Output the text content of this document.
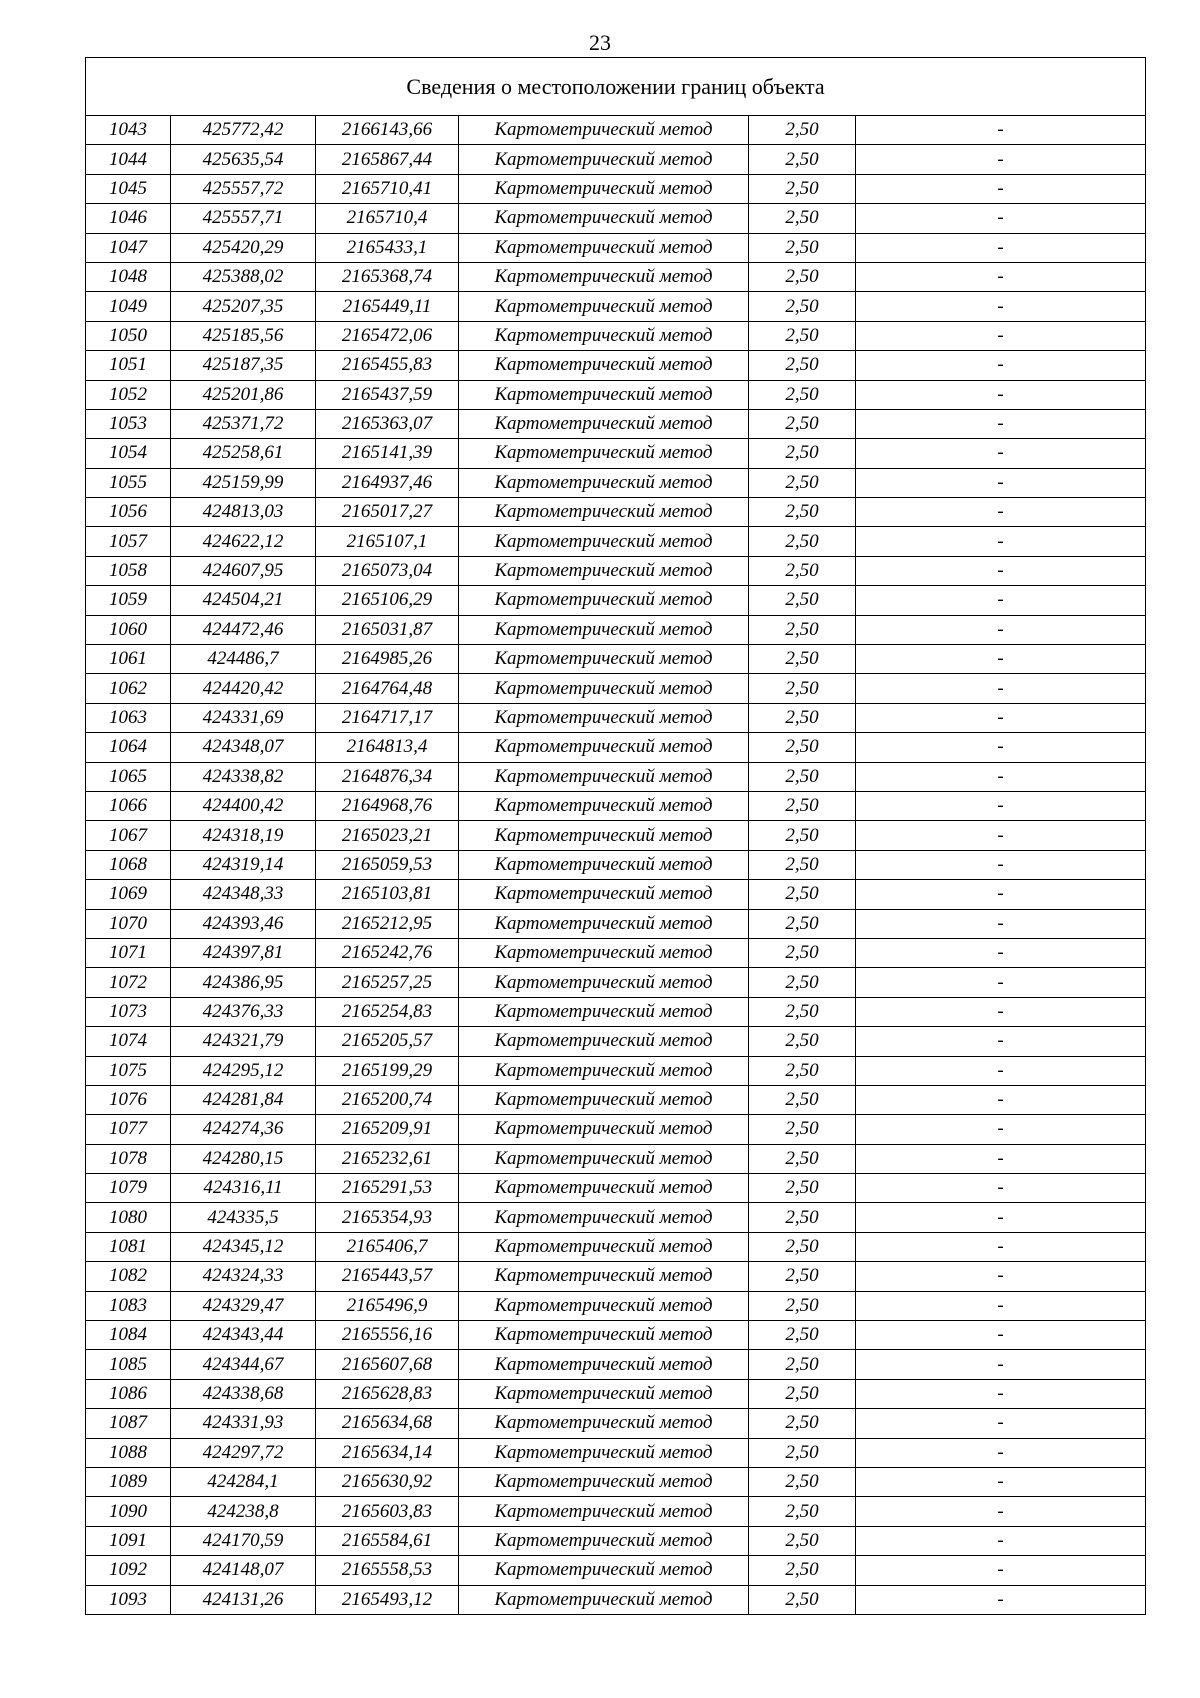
23
Сведения о местоположении границ объекта					
1043	425772,42	2166143,66	Картометрический метод	2,50	-
1044	425635,54	2165867,44	Картометрический метод	2,50	-
1045	425557,72	2165710,41	Картометрический метод	2,50	-
1046	425557,71	2165710,4	Картометрический метод	2,50	-
1047	425420,29	2165433,1	Картометрический метод	2,50	-
1048	425388,02	2165368,74	Картометрический метод	2,50	-
1049	425207,35	2165449,11	Картометрический метод	2,50	-
1050	425185,56	2165472,06	Картометрический метод	2,50	-
1051	425187,35	2165455,83	Картометрический метод	2,50	-
1052	425201,86	2165437,59	Картометрический метод	2,50	-
1053	425371,72	2165363,07	Картометрический метод	2,50	-
1054	425258,61	2165141,39	Картометрический метод	2,50	-
1055	425159,99	2164937,46	Картометрический метод	2,50	-
1056	424813,03	2165017,27	Картометрический метод	2,50	-
1057	424622,12	2165107,1	Картометрический метод	2,50	-
1058	424607,95	2165073,04	Картометрический метод	2,50	-
1059	424504,21	2165106,29	Картометрический метод	2,50	-
1060	424472,46	2165031,87	Картометрический метод	2,50	-
1061	424486,7	2164985,26	Картометрический метод	2,50	-
1062	424420,42	2164764,48	Картометрический метод	2,50	-
1063	424331,69	2164717,17	Картометрический метод	2,50	-
1064	424348,07	2164813,4	Картометрический метод	2,50	-
1065	424338,82	2164876,34	Картометрический метод	2,50	-
1066	424400,42	2164968,76	Картометрический метод	2,50	-
1067	424318,19	2165023,21	Картометрический метод	2,50	-
1068	424319,14	2165059,53	Картометрический метод	2,50	-
1069	424348,33	2165103,81	Картометрический метод	2,50	-
1070	424393,46	2165212,95	Картометрический метод	2,50	-
1071	424397,81	2165242,76	Картометрический метод	2,50	-
1072	424386,95	2165257,25	Картометрический метод	2,50	-
1073	424376,33	2165254,83	Картометрический метод	2,50	-
1074	424321,79	2165205,57	Картометрический метод	2,50	-
1075	424295,12	2165199,29	Картометрический метод	2,50	-
1076	424281,84	2165200,74	Картометрический метод	2,50	-
1077	424274,36	2165209,91	Картометрический метод	2,50	-
1078	424280,15	2165232,61	Картометрический метод	2,50	-
1079	424316,11	2165291,53	Картометрический метод	2,50	-
1080	424335,5	2165354,93	Картометрический метод	2,50	-
1081	424345,12	2165406,7	Картометрический метод	2,50	-
1082	424324,33	2165443,57	Картометрический метод	2,50	-
1083	424329,47	2165496,9	Картометрический метод	2,50	-
1084	424343,44	2165556,16	Картометрический метод	2,50	-
1085	424344,67	2165607,68	Картометрический метод	2,50	-
1086	424338,68	2165628,83	Картометрический метод	2,50	-
1087	424331,93	2165634,68	Картометрический метод	2,50	-
1088	424297,72	2165634,14	Картометрический метод	2,50	-
1089	424284,1	2165630,92	Картометрический метод	2,50	-
1090	424238,8	2165603,83	Картометрический метод	2,50	-
1091	424170,59	2165584,61	Картометрический метод	2,50	-
1092	424148,07	2165558,53	Картометрический метод	2,50	-
1093	424131,26	2165493,12	Картометрический метод	2,50	-
